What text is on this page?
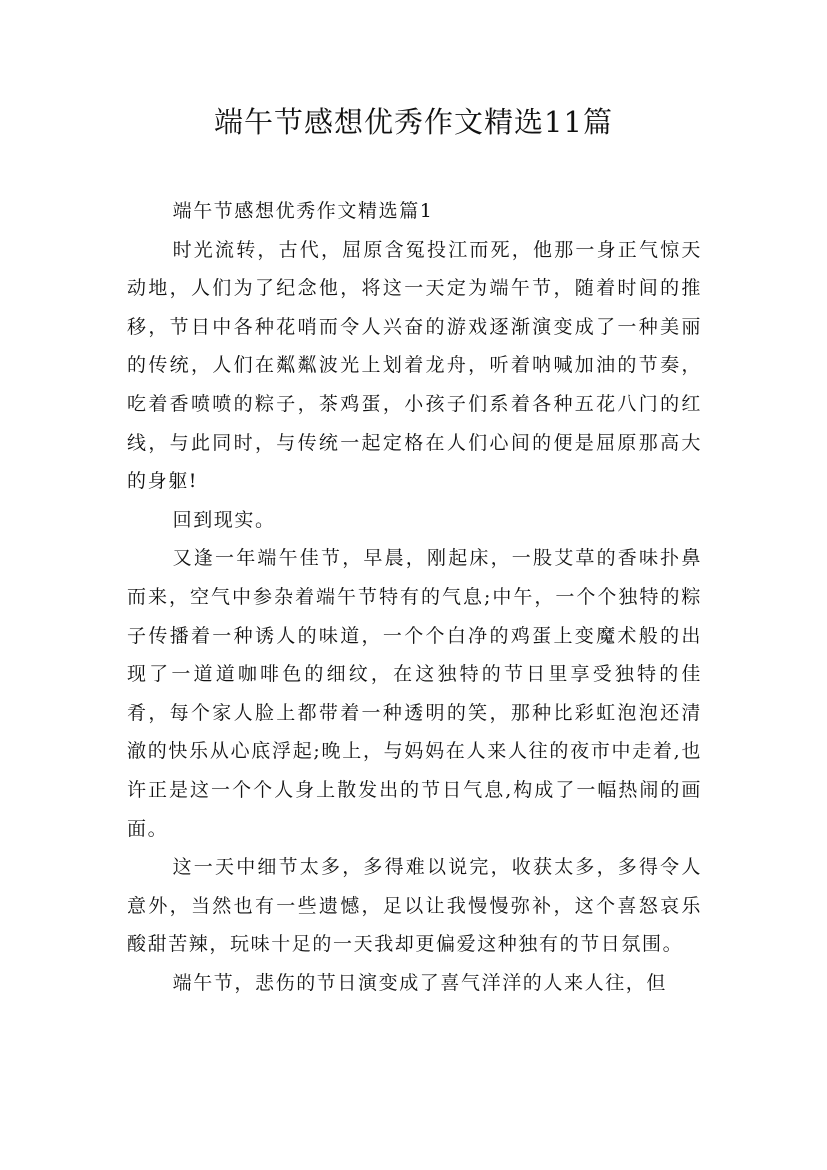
端午节感想优秀作文精选11篇

端午节感想优秀作文精选篇1

时光流转，古代，屈原含冤投江而死，他那一身正气惊天动地，人们为了纪念他，将这一天定为端午节，随着时间的推移，节日中各种花哨而令人兴奋的游戏逐渐演变成了一种美丽的传统，人们在粼粼波光上划着龙舟，听着呐喊加油的节奏，吃着香喷喷的粽子，茶鸡蛋，小孩子们系着各种五花八门的红线，与此同时，与传统一起定格在人们心间的便是屈原那高大的身躯!

回到现实。

又逢一年端午佳节，早晨，刚起床，一股艾草的香味扑鼻而来，空气中参杂着端午节特有的气息;中午，一个个独特的粽子传播着一种诱人的味道，一个个白净的鸡蛋上变魔术般的出现了一道道咖啡色的细纹，在这独特的节日里享受独特的佳肴，每个家人脸上都带着一种透明的笑，那种比彩虹泡泡还清澈的快乐从心底浮起;晚上，与妈妈在人来人往的夜市中走着,也许正是这一个个人身上散发出的节日气息,构成了一幅热闹的画面。

这一天中细节太多，多得难以说完，收获太多，多得令人意外，当然也有一些遗憾，足以让我慢慢弥补，这个喜怒哀乐酸甜苦辣，玩味十足的一天我却更偏爱这种独有的节日氛围。

端午节，悲伤的节日演变成了喜气洋洋的人来人往，但
